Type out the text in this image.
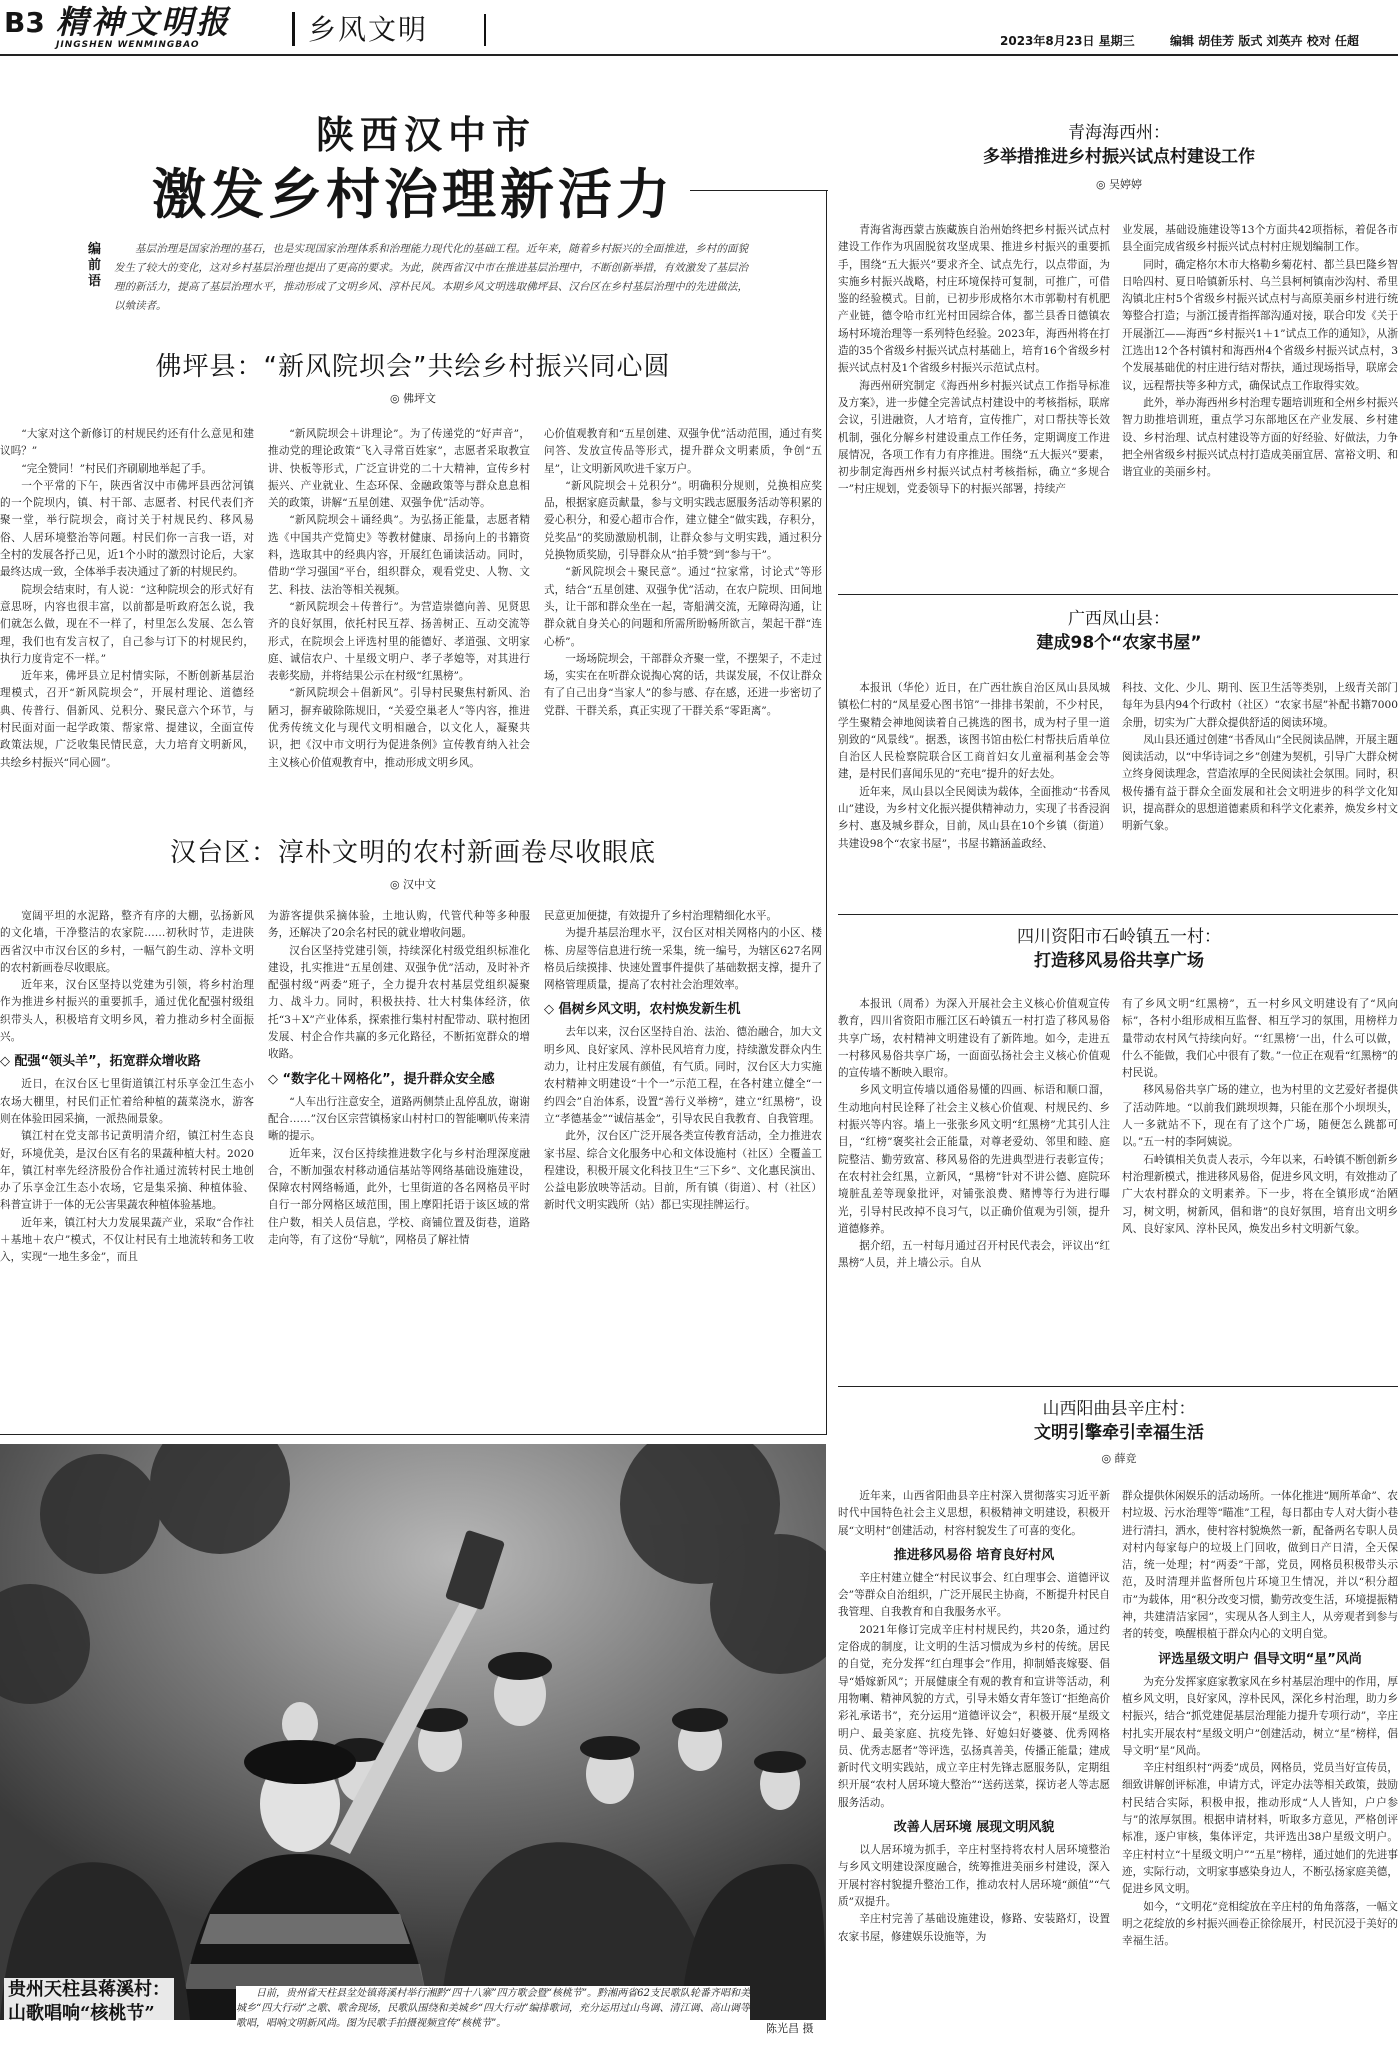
B3 精神文明报
JINGSHEN WENMINGBAO	乡风文明	2023年8月23日 星期三	编辑 胡佳芳 版式 刘英卉 校对 任超
陕西汉中市
激发乡村治理新活力
编前语
基层治理是国家治理的基石，也是实现国家治理体系和治理能力现代化的基础工程。近年来，随着乡村振兴的全面推进，乡村的面貌发生了较大的变化，这对乡村基层治理也提出了更高的要求。为此，陕西省汉中市在推进基层治理中，不断创新举措，有效激发了基层治理的新活力，提高了基层治理水平，推动形成了文明乡风、淳朴民风。本期乡风文明选取佛坪县、汉台区在乡村基层治理中的先进做法，以飨读者。
佛坪县：“新风院坝会”共绘乡村振兴同心圆
◎ 佛坪文

“大家对这个新修订的村规民约还有什么意见和建议吗？”

“完全赞同！”村民们齐刷刷地举起了手。

一个平常的下午，陕西省汉中市佛坪县西岔河镇的一个院坝内，镇、村干部、志愿者、村民代表们齐聚一堂，举行院坝会，商讨关于村规民约、移风易俗、人居环境整治等问题。村民们你一言我一语，对全村的发展各抒己见，近1个小时的激烈讨论后，大家最终达成一致，全体举手表决通过了新的村规民约。

院坝会结束时，有人说：“这种院坝会的形式好有意思呀，内容也很丰富，以前都是听政府怎么说，我们就怎么做，现在不一样了，村里怎么发展、怎么管理，我们也有发言权了，自己参与订下的村规民约，执行力度肯定不一样。”

近年来，佛坪县立足村情实际，不断创新基层治理模式，召开“新风院坝会”，开展村理论、道德经典、传普行、倡新风、兑积分、聚民意六个环节，与村民面对面一起学政策、帮家常、提建议，全面宣传政策法规，广泛收集民情民意，大力培育文明新风，共绘乡村振兴“同心圆”。

“新风院坝会＋讲理论”。为了传递党的“好声音”，推动党的理论政策“飞入寻常百姓家”，志愿者采取教宣讲、快板等形式，广泛宣讲党的二十大精神，宣传乡村振兴、产业就业、生态环保、金融政策等与群众息息相关的政策，讲解“五星创建、双强争优”活动等。

“新风院坝会＋诵经典”。为弘扬正能量，志愿者精选《中国共产党简史》等教材健康、昂扬向上的书籍资料，选取其中的经典内容，开展红色诵读活动。同时，借助“学习强国”平台，组织群众，观看党史、人物、文艺、科技、法治等相关视频。

“新风院坝会＋传普行”。为营造崇德向善、见贤思齐的良好氛围，依托村民互荐、扬善树正、互动交流等形式，在院坝会上评选村里的能德好、孝道强、文明家庭、诚信农户、十星级文明户、孝子孝媳等，对其进行表彰奖励，并将结果公示在村级“红黑榜”。

“新风院坝会＋倡新风”。引导村民聚焦村新风、治陋习，摒弃破除陈规旧，“关爱空巢老人”等内容，推进优秀传统文化与现代文明相融合，以文化人，凝聚共识，把《汉中市文明行为促进条例》宣传教育纳入社会主义核心价值观教育中，推动形成文明乡风。

心价值观教育和“五星创建、双强争优”活动范围，通过有奖问答、发放宣传品等形式，提升群众文明素质，争创“五星”，让文明新风吹进千家万户。

“新风院坝会＋兑积分”。明确积分规则，兑换相应奖品，根据家庭贡献量，参与文明实践志愿服务活动等积累的爱心积分，和爱心超市合作，建立健全“做实践，存积分，兑奖品”的奖励激励机制，让群众参与文明实践，通过积分兑换物质奖励，引导群众从“拍手赞”到“参与干”。

“新风院坝会＋聚民意”。通过“拉家常，讨论式”等形式，结合“五星创建、双强争优”活动，在农户院坝、田间地头，让干部和群众坐在一起，寄船满交流，无障碍沟通，让群众就自身关心的问题和所需所盼畅所欲言，架起干群“连心桥”。

一场场院坝会，干部群众齐聚一堂，不摆架子，不走过场，实实在在听群众说掏心窝的话，共谋发展，不仅让群众有了自己出身“当家人”的参与感、存在感，还进一步密切了党群、干群关系，真正实现了干群关系“零距离”。

汉台区：淳朴文明的农村新画卷尽收眼底
◎ 汉中文

宽阔平坦的水泥路，整齐有序的大棚，弘扬新风的文化墙，干净整洁的农家院……初秋时节，走进陕西省汉中市汉台区的乡村，一幅气韵生动、淳朴文明的农村新画卷尽收眼底。

近年来，汉台区坚持以党建为引领，将乡村治理作为推进乡村振兴的重要抓手，通过优化配强村级组织带头人，积极培育文明乡风，着力推动乡村全面振兴。

◇ 配强“领头羊”，拓宽群众增收路

近日，在汉台区七里街道镇江村乐享金江生态小农场大棚里，村民们正忙着给种植的蔬菜浇水，游客则在体验田园采摘，一派热闹景象。

镇江村在党支部书记黄明清介绍，镇江村生态良好，环境优美，是汉台区有名的果蔬种植大村。2020年，镇江村率先经济股份合作社通过流转村民土地创办了乐享金江生态小农场，它是集采摘、种植体验、科普宣讲于一体的无公害果蔬农种植体验基地。

近年来，镇江村大力发展果蔬产业，采取“合作社＋基地＋农户”模式，不仅让村民有土地流转和务工收入，实现“一地生多金”，而且

为游客提供采摘体验，土地认购，代管代种等多种服务，还解决了20余名村民的就业增收问题。

汉台区坚持党建引领，持续深化村级党组织标准化建设，扎实推进“五星创建、双强争优”活动，及时补齐配强村级“两委”班子，全力提升农村基层党组织凝聚力、战斗力。同时，积极扶持、壮大村集体经济，依托“3＋X”产业体系，探索推行集村村配带动、联村抱团发展、村企合作共赢的多元化路径，不断拓宽群众的增收路。

◇ “数字化＋网格化”，提升群众安全感

“人车出行注意安全，道路两侧禁止乱停乱放，谢谢配合……”汉台区宗营镇杨家山村村口的智能喇叭传来清晰的提示。

近年来，汉台区持续推进数字化与乡村治理深度融合，不断加强农村移动通信基站等网络基础设施建设，保障农村网络畅通，此外，七里街道的各名网格员平时自行一部分网格区域范围，围上摩阳托语于该区域的常住户数，相关人员信息，学校、商铺位置及街巷，道路走向等，有了这份“导航”，网格员了解社情

民意更加便捷，有效提升了乡村治理精细化水平。

为提升基层治理水平，汉台区对相关网格内的小区、楼栋、房屋等信息进行统一采集，统一编号，为辖区627名网格员后续摸排、快速处置事件提供了基础数据支撑，提升了网格管理质量，提高了农村社会治理效率。

◇ 倡树乡风文明，农村焕发新生机

去年以来，汉台区坚持自治、法治、德治融合，加大文明乡风、良好家风、淳朴民风培育力度，持续激发群众内生动力，让村庄发展有颜值，有气质。同时，汉台区大力实施农村精神文明建设“十个一”示范工程，在各村建立健全“一约四会”自治体系，设置“善行义举榜”，建立“红黑榜”，设立“孝德基金”“诚信基金”，引导农民自我教育、自我管理。

此外，汉台区广泛开展各类宣传教育活动，全力推进农家书屋、综合文化服务中心和文体设施村（社区）全覆盖工程建设，积极开展文化科技卫生“三下乡”、文化惠民演出、公益电影放映等活动。目前，所有镇（街道）、村（社区）新时代文明实践所（站）都已实现挂牌运行。

贵州天柱县蒋溪村：
山歌唱响“核桃节”
日前，贵州省天柱县坌处镇蒋溪村举行湘黔“四十八寨”四方歌会暨“核桃节”。黔湘两省62支民歌队轮番齐唱和美城乡“四大行动”之歌、歌舍现场，民歌队围绕和美城乡“四大行动”编排歌词，充分运用过山鸟调、清江调、高山调等歌唱，唱响文明新风尚。图为民歌手拍摄视频宣传“核桃节”。	陈光昌 摄
青海海西州：
多举措推进乡村振兴试点村建设工作
◎ 吴婷婷

青海省海西蒙古族藏族自治州始终把乡村振兴试点村建设工作作为巩固脱贫攻坚成果、推进乡村振兴的重要抓手，围绕“五大振兴”要求齐全、试点先行，以点带面，为实施乡村振兴战略，村庄环境保持可复制，可推广，可借鉴的经验模式。目前，已初步形成格尔木市郭勒村有机肥产业链，德令哈市红光村田园综合体，都兰县香日德镇农场村环境治理等一系列特色经验。2023年，海西州将在打造的35个省级乡村振兴试点村基础上，培育16个省级乡村振兴试点村及1个省级乡村振兴示范试点村。

海西州研究制定《海西州乡村振兴试点工作指导标准及方案》，进一步健全完善试点村建设中的考核指标，联席会议，引进融资，人才培育，宣传推广，对口帮扶等长效机制，强化分解乡村建设重点工作任务，定期调度工作进展情况，各项工作有力有序推进。围绕“五大振兴”要素，初步制定海西州乡村振兴试点村考核指标，确立“多规合一”村庄规划，党委领导下的村振兴部署，持续产

业发展，基础设施建设等13个方面共42项指标，着促各市县全面完成省级乡村振兴试点村村庄规划编制工作。

同时，确定格尔木市大格勒乡菊花村、都兰县巴隆乡智日哈四村、夏日哈镇新乐村、乌兰县柯柯镇南沙沟村、希里沟镇北庄村5个省级乡村振兴试点村与高原美丽乡村进行统筹整合打造；与浙江援青指挥部沟通对接，联合印发《关于开展浙江——海西“乡村振兴1＋1”试点工作的通知》，从浙江选出12个各村镇村和海西州4个省级乡村振兴试点村，3个发展基础优的村庄进行结对帮扶，通过现场指导，联席会议，远程帮扶等多种方式，确保试点工作取得实效。

此外，举办海西州乡村治理专题培训班和全州乡村振兴智力助推培训班，重点学习东部地区在产业发展、乡村建设、乡村治理、试点村建设等方面的好经验、好做法，力争把全州省级乡村振兴试点村打造成美丽宜居、富裕文明、和谐宜业的美丽乡村。

广西凤山县：
建成98个“农家书屋”

本报讯（华伦）近日，在广西壮族自治区凤山县凤城镇松仁村的“凤星爱心图书馆”一排排书架前，不少村民，学生聚精会神地阅读着自己挑选的图书，成为村子里一道别致的“风景线”。据悉，该图书馆由松仁村帮扶后盾单位自治区人民检察院联合区工商首妇女儿童福利基金会等建，是村民们喜闻乐见的“充电”提升的好去处。

近年来，凤山县以全民阅读为载体，全面推动“书香凤山”建设，为乡村文化振兴提供精神动力，实现了书香浸润乡村、惠及城乡群众，目前，凤山县在10个乡镇（街道）共建设98个“农家书屋”，书屋书籍涵盖政经、

科技、文化、少儿、期刊、医卫生活等类别，上级青关部门每年为县内94个行政村（社区）“农家书屋”补配书籍7000余册，切实为广大群众提供舒适的阅读环境。

凤山县还通过创建“书香凤山”全民阅读品牌，开展主题阅读活动，以“中华诗词之乡”创建为契机，引导广大群众树立终身阅读理念，营造浓厚的全民阅读社会氛围。同时，积极传播有益于群众全面发展和社会文明进步的科学文化知识，提高群众的思想道德素质和科学文化素养，焕发乡村文明新气象。

四川资阳市石岭镇五一村：
打造移风易俗共享广场

本报讯（周希）为深入开展社会主义核心价值观宣传教育，四川省资阳市雁江区石岭镇五一村打造了移风易俗共享广场，农村精神文明建设有了新阵地。如今，走进五一村移风易俗共享广场，一面面弘扬社会主义核心价值观的宣传墙不断映入眼帘。

乡风文明宣传墙以通俗易懂的四画、标语和顺口溜，生动地向村民诠释了社会主义核心价值观、村规民约、乡村振兴等内容。墙上一张张乡风文明“红黑榜”尤其引人注目，“红榜”褒奖社会正能量，对尊老爱幼、邻里和睦、庭院整洁、勤劳致富、移风易俗的先进典型进行表彰宣传；在农村社会红黑，立新风，“黑榜”针对不讲公德、庭院环境脏乱差等现象批评，对铺张浪费、赌博等行为进行曝光，引导村民改掉不良习气，以正确价值观为引领，提升道德修养。

据介绍，五一村每月通过召开村民代表会，评议出“红黑榜”人员，并上墙公示。自从

有了乡风文明“红黑榜”，五一村乡风文明建设有了“风向标”，各村小组形成相互监督、相互学习的氛围，用榜样力量带动农村风气持续向好。“‘红黑榜’一出，什么可以做，什么不能做，我们心中很有了数。”一位正在观看“红黑榜”的村民说。

移风易俗共享广场的建立，也为村里的文艺爱好者提供了活动阵地。“以前我们跳坝坝舞，只能在那个小坝坝头，人一多就站不下，现在有了这个广场，随便怎么跳都可以。”五一村的李阿姨说。

石岭镇相关负责人表示，今年以来，石岭镇不断创新乡村治理新模式，推进移风易俗，促进乡风文明，有效推动了广大农村群众的文明素养。下一步，将在全镇形成“治陋习，树文明，树新风，倡和谐”的良好氛围，培育出文明乡风、良好家风、淳朴民风，焕发出乡村文明新气象。

山西阳曲县辛庄村：
文明引擎牵引幸福生活
◎ 薛竞

近年来，山西省阳曲县辛庄村深入贯彻落实习近平新时代中国特色社会主义思想，积极精神文明建设，积极开展“文明村”创建活动，村容村貌发生了可喜的变化。

推进移风易俗 培育良好村风

辛庄村建立健全“村民议事会、红白理事会、道德评议会”等群众自治组织，广泛开展民主协商，不断提升村民自我管理、自我教育和自我服务水平。

2021年修订完成辛庄村村规民约，共20条，通过约定俗成的制度，让文明的生活习惯成为乡村的传统。居民的自觉，充分发挥“红白理事会”作用，抑制婚丧嫁娶、倡导“婚嫁新风”；开展健康全有观的教育和宣讲等活动，利用物喇、精神风貌的方式，引导未婚女青年签订“拒绝高价彩礼承诺书”，充分运用“道德评议会”，积极开展“星级文明户、最美家庭、抗疫先锋、好媳妇好婆婆、优秀网格员、优秀志愿者”等评选，弘扬真善美，传播正能量；建成新时代文明实践站，成立辛庄村先锋志愿服务队，定期组织开展“农村人居环境大整治”“送药送菜，探访老人等志愿服务活动。

改善人居环境 展现文明风貌

以人居环境为抓手，辛庄村坚持将农村人居环境整治与乡风文明建设深度融合，统筹推进美丽乡村建设，深入开展村容村貌提升整治工作，推动农村人居环境“颜值”“气质”双提升。

辛庄村完善了基础设施建设，修路、安装路灯，设置农家书屋，修建娱乐设施等，为

群众提供休闲娱乐的活动场所。一体化推进“厕所革命”、农村垃圾、污水治理等“瞄准”工程，每日都由专人对大街小巷进行清扫，洒水，使村容村貌焕然一新，配备两名专职人员对村内每家每户的垃圾上门回收，做到日产日清，全天保洁，统一处理；村“两委”干部，党员，网格员积极带头示范，及时清理并监督所包片环境卫生情况，并以“积分超市”为载体，用“积分改变习惯，勤劳改变生活，环境提振精神，共建清洁家园”，实现从各人到主人，从旁观者到参与者的转变，唤醒根植于群众内心的文明自觉。

评选星级文明户 倡导文明“星”风尚

为充分发挥家庭家教家风在乡村基层治理中的作用，厚植乡风文明，良好家风，淳朴民风，深化乡村治理，助力乡村振兴，结合“抓党建促基层治理能力提升专项行动”，辛庄村扎实开展农村“星级文明户”创建活动，树立“星”榜样，倡导文明“星”风尚。

辛庄村组织村“两委”成员，网格员，党员当好宣传员，细致讲解创评标准，申请方式，评定办法等相关政策，鼓励村民结合实际，积极申报，推动形成“人人皆知，户户参与”的浓厚氛围。根据申请材料，听取多方意见，严格创评标准，逐户审核，集体评定，共评选出38户星级文明户。辛庄村村立“十星级文明户”“五星”榜样，通过她们的先进事迹，实际行动，文明家事感染身边人，不断弘扬家庭美德，促进乡风文明。

如今，“文明花”竞相绽放在辛庄村的角角落落，一幅文明之花绽放的乡村振兴画卷正徐徐展开，村民沉浸于美好的幸福生活。
